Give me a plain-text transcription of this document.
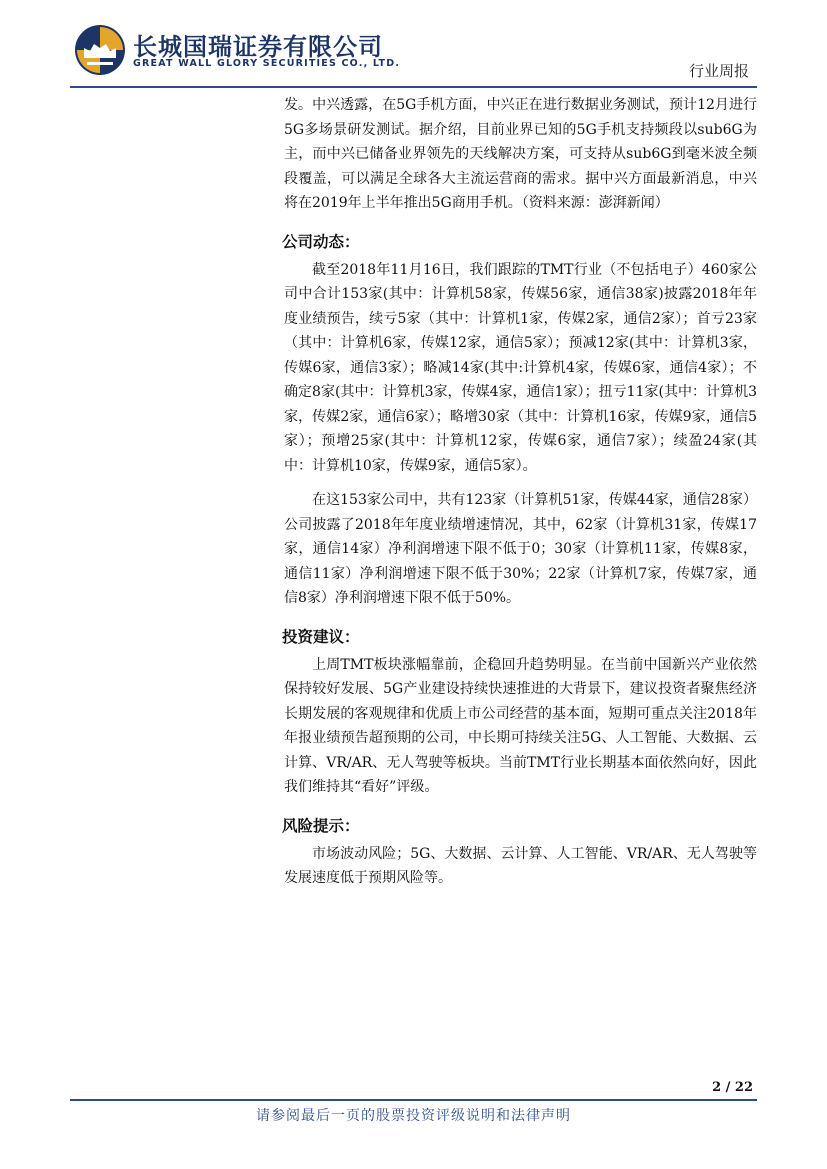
长城国瑞证券有限公司
GREAT WALL GLORY SECURITIES CO., LTD.	行业周报

发。中兴透露，在5G手机方面，中兴正在进行数据业务测试，预计12月进行5G多场景研发测试。据介绍，目前业界已知的5G手机支持频段以sub6G为主，而中兴已储备业界领先的天线解决方案，可支持从sub6G到毫米波全频段覆盖，可以满足全球各大主流运营商的需求。据中兴方面最新消息，中兴将在2019年上半年推出5G商用手机。（资料来源：澎湃新闻）

公司动态：

截至2018年11月16日，我们跟踪的TMT行业（不包括电子）460家公司中合计153家(其中：计算机58家，传媒56家，通信38家)披露2018年年度业绩预告，续亏5家（其中：计算机1家，传媒2家，通信2家）；首亏23家（其中：计算机6家，传媒12家，通信5家）；预减12家(其中：计算机3家，传媒6家，通信3家）；略减14家(其中:计算机4家，传媒6家，通信4家）；不确定8家(其中：计算机3家，传媒4家，通信1家）；扭亏11家(其中：计算机3家，传媒2家，通信6家）；略增30家（其中：计算机16家，传媒9家，通信5家）；预增25家(其中：计算机12家，传媒6家，通信7家）；续盈24家(其中：计算机10家，传媒9家，通信5家）。

在这153家公司中，共有123家（计算机51家，传媒44家，通信28家）公司披露了2018年年度业绩增速情况，其中，62家（计算机31家，传媒17家，通信14家）净利润增速下限不低于0；30家（计算机11家，传媒8家，通信11家）净利润增速下限不低于30%；22家（计算机7家，传媒7家，通信8家）净利润增速下限不低于50%。

投资建议：

上周TMT板块涨幅靠前，企稳回升趋势明显。在当前中国新兴产业依然保持较好发展、5G产业建设持续快速推进的大背景下，建议投资者聚焦经济长期发展的客观规律和优质上市公司经营的基本面，短期可重点关注2018年年报业绩预告超预期的公司，中长期可持续关注5G、人工智能、大数据、云计算、VR/AR、无人驾驶等板块。当前TMT行业长期基本面依然向好，因此我们维持其“看好”评级。

风险提示：

市场波动风险；5G、大数据、云计算、人工智能、VR/AR、无人驾驶等发展速度低于预期风险等。

2 / 22
请参阅最后一页的股票投资评级说明和法律声明
